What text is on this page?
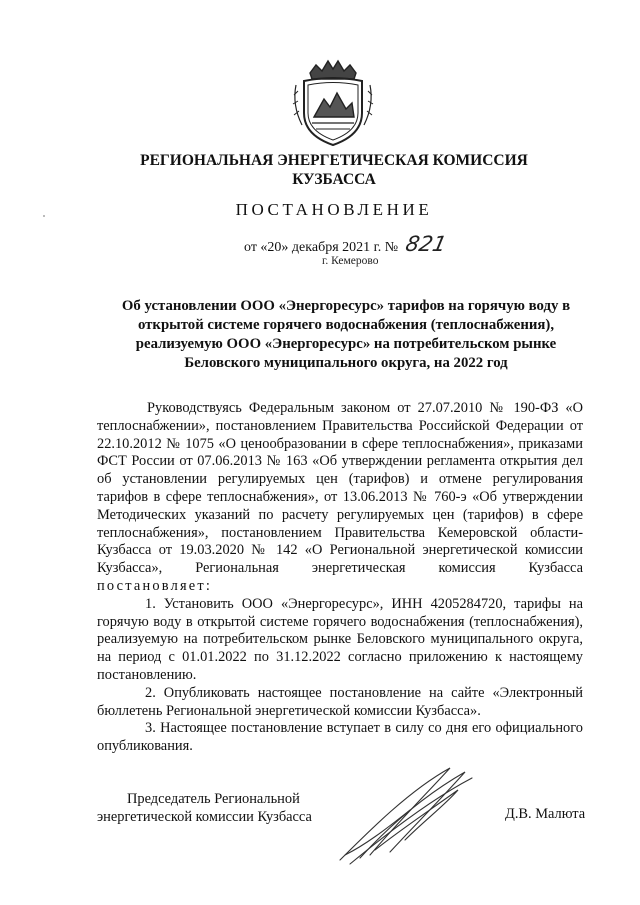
РЕГИОНАЛЬНАЯ ЭНЕРГЕТИЧЕСКАЯ КОМИССИЯ КУЗБАССА
ПОСТАНОВЛЕНИЕ
от «20» декабря 2021 г. № 821
г. Кемерово
Об установлении ООО «Энергоресурс» тарифов на горячую воду в открытой системе горячего водоснабжения (теплоснабжения), реализуемую ООО «Энергоресурс» на потребительском рынке Беловского муниципального округа, на 2022 год

Руководствуясь Федеральным законом от 27.07.2010 № 190-ФЗ «О теплоснабжении», постановлением Правительства Российской Федерации от 22.10.2012 № 1075 «О ценообразовании в сфере теплоснабжения», приказами ФСТ России от 07.06.2013 № 163 «Об утверждении регламента открытия дел об установлении регулируемых цен (тарифов) и отмене регулирования тарифов в сфере теплоснабжения», от 13.06.2013 № 760-э «Об утверждении Методических указаний по расчету регулируемых цен (тарифов) в сфере теплоснабжения», постановлением Правительства Кемеровской области-Кузбасса от 19.03.2020 № 142 «О Региональной энергетической комиссии Кузбасса», Региональная энергетическая комиссия Кузбасса постановляет:

1. Установить ООО «Энергоресурс», ИНН 4205284720, тарифы на горячую воду в открытой системе горячего водоснабжения (теплоснабжения), реализуемую на потребительском рынке Беловского муниципального округа, на период с 01.01.2022 по 31.12.2022 согласно приложению к настоящему постановлению.

2. Опубликовать настоящее постановление на сайте «Электронный бюллетень Региональной энергетической комиссии Кузбасса».

3. Настоящее постановление вступает в силу со дня его официального опубликования.

Председатель Региональной
энергетической комиссии Кузбасса	Д.В. Малюта
